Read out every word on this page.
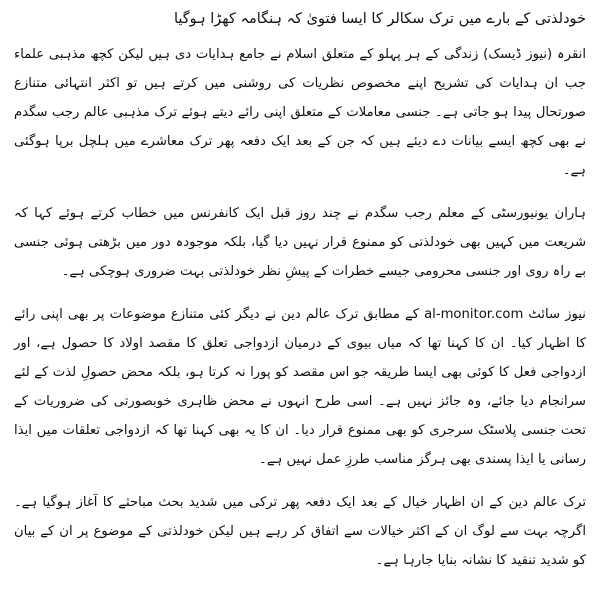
خودلذتی کے بارے میں ترک سکالر کا ایسا فتویٰ کہ ہنگامہ کھڑا ہوگیا

انقرہ (نیوز ڈیسک) زندگی کے ہر پہلو کے متعلق اسلام نے جامع ہدایات دی ہیں لیکن کچھ مذہبی علماء جب ان ہدایات کی تشریح اپنے مخصوص نظریات کی روشنی میں کرتے ہیں تو اکثر انتہائی متنازع صورتحال پیدا ہو جاتی ہے۔ جنسی معاملات کے متعلق اپنی رائے دیتے ہوئے ترک مذہبی عالم رجب سگدم نے بھی کچھ ایسے بیانات دے دیئے ہیں کہ جن کے بعد ایک دفعہ پھر ترک معاشرے میں ہلچل برپا ہوگئی ہے۔

ہاران یونیورسٹی کے معلم رجب سگدم نے چند روز قبل ایک کانفرنس میں خطاب کرتے ہوئے کہا کہ شریعت میں کہیں بھی خودلذتی کو ممنوع قرار نہیں دیا گیا، بلکہ موجودہ دور میں بڑھتی ہوئی جنسی بے راہ روی اور جنسی محرومی جیسے خطرات کے پیشِ نظر خودلذتی بہت ضروری ہوچکی ہے۔

نیوز سائٹ al-monitor.com کے مطابق ترک عالم دین نے دیگر کئی متنازع موضوعات پر بھی اپنی رائے کا اظہار کیا۔ ان کا کہنا تھا کہ میاں بیوی کے درمیان ازدواجی تعلق کا مقصد اولاد کا حصول ہے، اور ازدواجی فعل کا کوئی بھی ایسا طریقہ جو اس مقصد کو پورا نہ کرتا ہو، بلکہ محض حصولِ لذت کے لئے سرانجام دیا جائے، وہ جائز نہیں ہے۔ اسی طرح انہوں نے محض ظاہری خوبصورتی کی ضروریات کے تحت جنسی پلاسٹک سرجری کو بھی ممنوع قرار دیا۔ ان کا یہ بھی کہنا تھا کہ ازدواجی تعلقات میں ایذا رسانی یا ایذا پسندی بھی ہرگز مناسب طرزِ عمل نہیں ہے۔

ترک عالم دین کے ان اظہار خیال کے بعد ایک دفعہ پھر ترکی میں شدید بحث مباحثے کا آغاز ہوگیا ہے۔ اگرچہ بہت سے لوگ ان کے اکثر خیالات سے اتفاق کر رہے ہیں لیکن خودلذتی کے موضوع پر ان کے بیان کو شدید تنقید کا نشانہ بنایا جارہا ہے۔
